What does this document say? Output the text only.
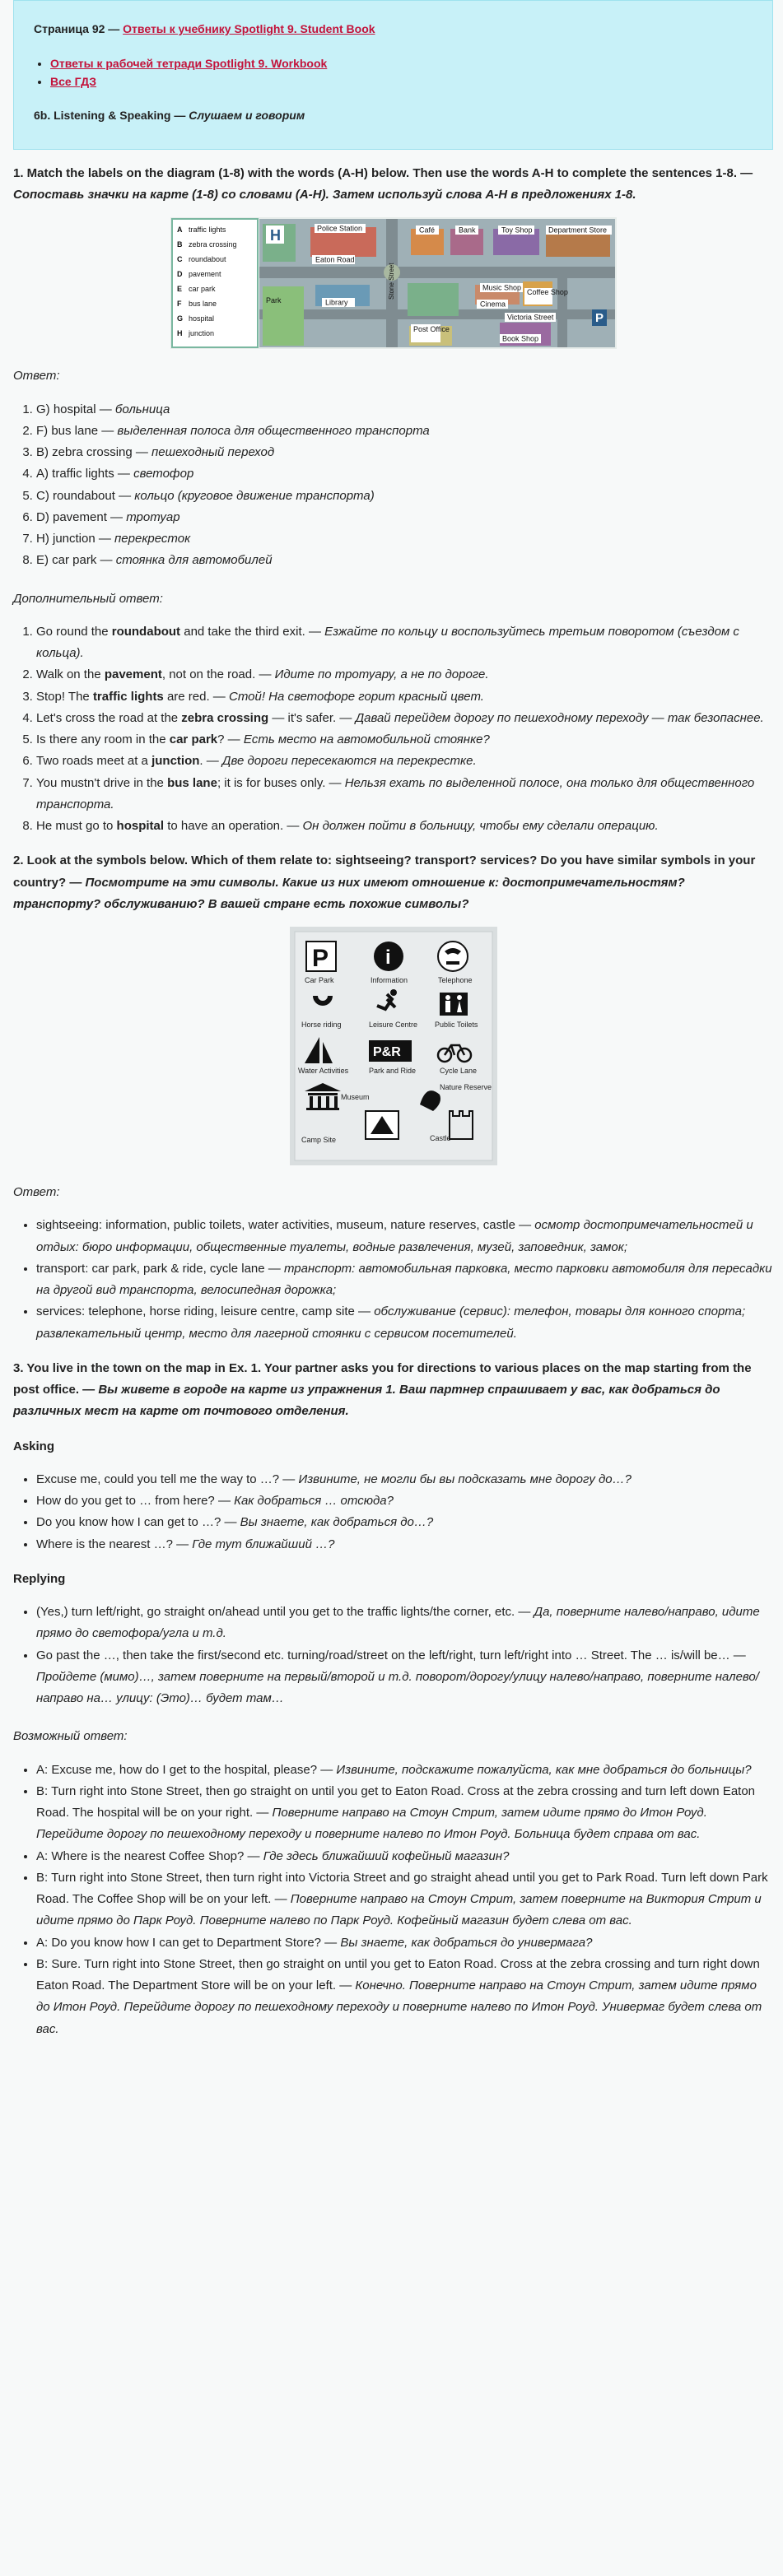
Страница 92 — Ответы к учебнику Spotlight 9. Student Book

• Ответы к рабочей тетради Spotlight 9. Workbook
• Все ГДЗ

6b. Listening & Speaking — Слушаем и говорим

1. Match the labels on the diagram (1-8) with the words (A-H) below. Then use the words A-H to complete the sentences 1-8. — Сопоставь значки на карте (1-8) со словами (А-Н). Затем используй слова А-Н в предложениях 1-8.
A traffic lights
B zebra crossing
C roundabout
D pavement
E car park
F bus lane
G hospital
H junction
Police Station	Café	Bank	Toy Shop Department Store
Eaton Road
Library
Music Shop
Coffee Shop
Cinema
Stone Street
Victoria Street
Post Office
Book Shop
Park
H
P

Ответ:

1. G) hospital — больница
2. F) bus lane — выделенная полоса для общественного транспорта
3. B) zebra crossing — пешеходный переход
4. A) traffic lights — светофор
5. C) roundabout — кольцо (круговое движение транспорта)
6. D) pavement — тротуар
7. H) junction — перекресток
8. E) car park — стоянка для автомобилей

Дополнительный ответ:

1. Go round the roundabout and take the third exit. — Езжайте по кольцу и воспользуйтесь третьим поворотом (съездом с кольца).
2. Walk on the pavement, not on the road. — Идите по тротуару, а не по дороге.
3. Stop! The traffic lights are red. — Стой! На светофоре горит красный цвет.
4. Let's cross the road at the zebra crossing — it's safer. — Давай перейдем дорогу по пешеходному переходу — так безопаснее.
5. Is there any room in the car park? — Есть место на автомобильной стоянке?
6. Two roads meet at a junction. — Две дороги пересекаются на перекрестке.
7. You mustn't drive in the bus lane; it is for buses only. — Нельзя ехать по выделенной полосе, она только для общественного транспорта.
8. He must go to hospital to have an operation. — Он должен пойти в больницу, чтобы ему сделали операцию.
2. Look at the symbols below. Which of them relate to: sightseeing? transport? services? Do you have similar symbols in your country? — Посмотрите на эти символы. Какие из них имеют отношение к: достопримечательностям? транспорту? обслуживанию? В вашей стране есть похожие символы?
P
Car Park
i
Information	Telephone
Horse riding	Leisure Centre Public Toilets
Water Activities
P&R
Park and Ride	Cycle Lane
Museum
Nature Reserve
Camp Site	Castle

Ответ:

• sightseeing: information, public toilets, water activities, museum, nature reserves, castle — осмотр достопримечательностей и отдых: бюро информации, общественные туалеты, водные развлечения, музей, заповедник, замок;
• transport: car park, park & ride, cycle lane — транспорт: автомобильная парковка, место парковки автомобиля для пересадки на другой вид транспорта, велосипедная дорожка;
• services: telephone, horse riding, leisure centre, camp site — обслуживание (сервис): телефон, товары для конного спорта; развлекательный центр, место для лагерной стоянки с сервисом посетителей.
3. You live in the town on the map in Ex. 1. Your partner asks you for directions to various places on the map starting from the post office. — Вы живете в городе на карте из упражнения 1. Ваш партнер спрашивает у вас, как добраться до различных мест на карте от почтового отделения.
Asking
• Excuse me, could you tell me the way to …? — Извините, не могли бы вы подсказать мне дорогу до…?
• How do you get to … from here? — Как добраться … отсюда?
• Do you know how I can get to …? — Вы знаете, как добраться до…?
• Where is the nearest …? — Где тут ближайший …?
Replying
• (Yes,) turn left/right, go straight on/ahead until you get to the traffic lights/the corner, etc. — Да, поверните налево/направо, идите прямо до светофора/угла и т.д.
• Go past the …, then take the first/second etc. turning/road/street on the left/right, turn left/right into … Street. The … is/will be… — Пройдете (мимо)…, затем поверните на первый/второй и т.д. поворот/дорогу/улицу налево/направо, поверните налево/направо на… улицу: (Это)… будет там…

Возможный ответ:

• A: Excuse me, how do I get to the hospital, please? — Извините, подскажите пожалуйста, как мне добраться до больницы?
• B: Turn right into Stone Street, then go straight on until you get to Eaton Road. Cross at the zebra crossing and turn left down Eaton Road. The hospital will be on your right. — Поверните направо на Стоун Стрит, затем идите прямо до Итон Роуд. Перейдите дорогу по пешеходному переходу и поверните налево по Итон Роуд. Больница будет справа от вас.
• A: Where is the nearest Coffee Shop? — Где здесь ближайший кофейный магазин?
• B: Turn right into Stone Street, then turn right into Victoria Street and go straight ahead until you get to Park Road. Turn left down Park Road. The Coffee Shop will be on your left. — Поверните направо на Стоун Стрит, затем поверните на Виктория Стрит и идите прямо до Парк Роуд. Поверните налево по Парк Роуд. Кофейный магазин будет слева от вас.
• A: Do you know how I can get to Department Store? — Вы знаете, как добраться до универмага?
• B: Sure. Turn right into Stone Street, then go straight on until you get to Eaton Road. Cross at the zebra crossing and turn right down Eaton Road. The Department Store will be on your left. — Конечно. Поверните направо на Стоун Стрит, затем идите прямо до Итон Роуд. Перейдите дорогу по пешеходному переходу и поверните налево по Итон Роуд. Универмаг будет слева от вас.
